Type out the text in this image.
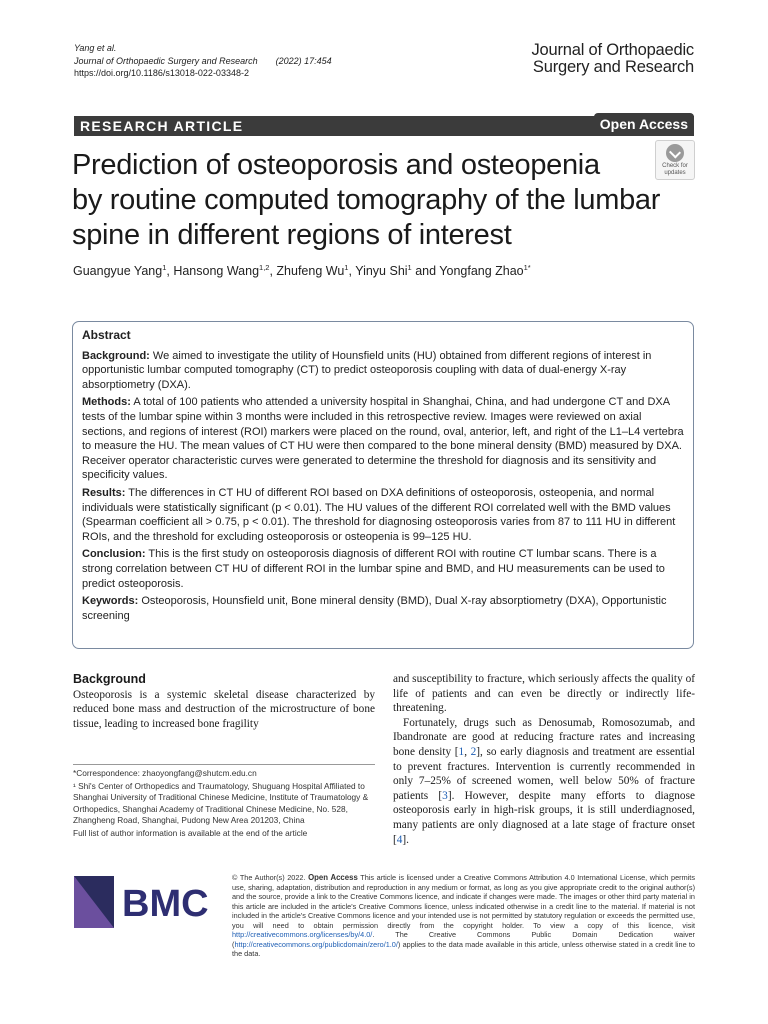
Yang et al.
Journal of Orthopaedic Surgery and Research (2022) 17:454
https://doi.org/10.1186/s13018-022-03348-2
Journal of Orthopaedic
Surgery and Research
RESEARCH ARTICLE	Open Access
Prediction of osteoporosis and osteopenia
by routine computed tomography of the lumbar
spine in different regions of interest
Check for
updates
Guangyue Yang$^1$, Hansong Wang$^{1,2}$, Zhufeng Wu$^1$, Yinyu Shi$^1$ and Yongfang Zhao$^{1*}$
Abstract

Background: We aimed to investigate the utility of Hounsfield units (HU) obtained from different regions of interest in opportunistic lumbar computed tomography (CT) to predict osteoporosis coupling with data of dual-energy X-ray absorptiometry (DXA).

Methods: A total of 100 patients who attended a university hospital in Shanghai, China, and had undergone CT and DXA tests of the lumbar spine within 3 months were included in this retrospective review. Images were reviewed on axial sections, and regions of interest (ROI) markers were placed on the round, oval, anterior, left, and right of the L1–L4 vertebra to measure the HU. The mean values of CT HU were then compared to the bone mineral density (BMD) measured by DXA. Receiver operator characteristic curves were generated to determine the threshold for diagnosis and its sensitivity and specificity values.

Results: The differences in CT HU of different ROI based on DXA definitions of osteoporosis, osteopenia, and normal individuals were statistically significant (p < 0.01). The HU values of the different ROI correlated well with the BMD values (Spearman coefficient all > 0.75, p < 0.01). The threshold for diagnosing osteoporosis varies from 87 to 111 HU in different ROIs, and the threshold for excluding osteoporosis or osteopenia is 99–125 HU.

Conclusion: This is the first study on osteoporosis diagnosis of different ROI with routine CT lumbar scans. There is a strong correlation between CT HU of different ROI in the lumbar spine and BMD, and HU measurements can be used to predict osteoporosis.

Keywords: Osteoporosis, Hounsfield unit, Bone mineral density (BMD), Dual X-ray absorptiometry (DXA), Opportunistic screening

Background

Osteoporosis is a systemic skeletal disease characterized by reduced bone mass and destruction of the microstructure of bone tissue, leading to increased bone fragility

*Correspondence: zhaoyongfang@shutcm.edu.cn

¹ Shi's Center of Orthopedics and Traumatology, Shuguang Hospital Affiliated to Shanghai University of Traditional Chinese Medicine, Institute of Traumatology & Orthopedics, Shanghai Academy of Traditional Chinese Medicine, No. 528, Zhangheng Road, Shanghai, Pudong New Area 201203, China

Full list of author information is available at the end of the article

and susceptibility to fracture, which seriously affects the quality of life of patients and can even be directly or indirectly life-threatening.

Fortunately, drugs such as Denosumab, Romosozumab, and Ibandronate are good at reducing fracture rates and increasing bone density [1, 2], so early diagnosis and treatment are essential to prevent fractures. Intervention is currently recommended in only 7–25% of screened women, well below 50% of fracture patients [3]. However, despite many efforts to diagnose osteoporosis early in high-risk groups, it is still underdiagnosed, many patients are only diagnosed at a late stage of fracture onset [4].

BMC
© The Author(s) 2022. Open Access This article is licensed under a Creative Commons Attribution 4.0 International License, which permits use, sharing, adaptation, distribution and reproduction in any medium or format, as long as you give appropriate credit to the original author(s) and the source, provide a link to the Creative Commons licence, and indicate if changes were made. The images or other third party material in this article are included in the article's Creative Commons licence, unless indicated otherwise in a credit line to the material. If material is not included in the article's Creative Commons licence and your intended use is not permitted by statutory regulation or exceeds the permitted use, you will need to obtain permission directly from the copyright holder. To view a copy of this licence, visit http://creativecommons.org/licenses/by/4.0/. The Creative Commons Public Domain Dedication waiver (http://creativecommons.org/publicdomain/zero/1.0/) applies to the data made available in this article, unless otherwise stated in a credit line to the data.
